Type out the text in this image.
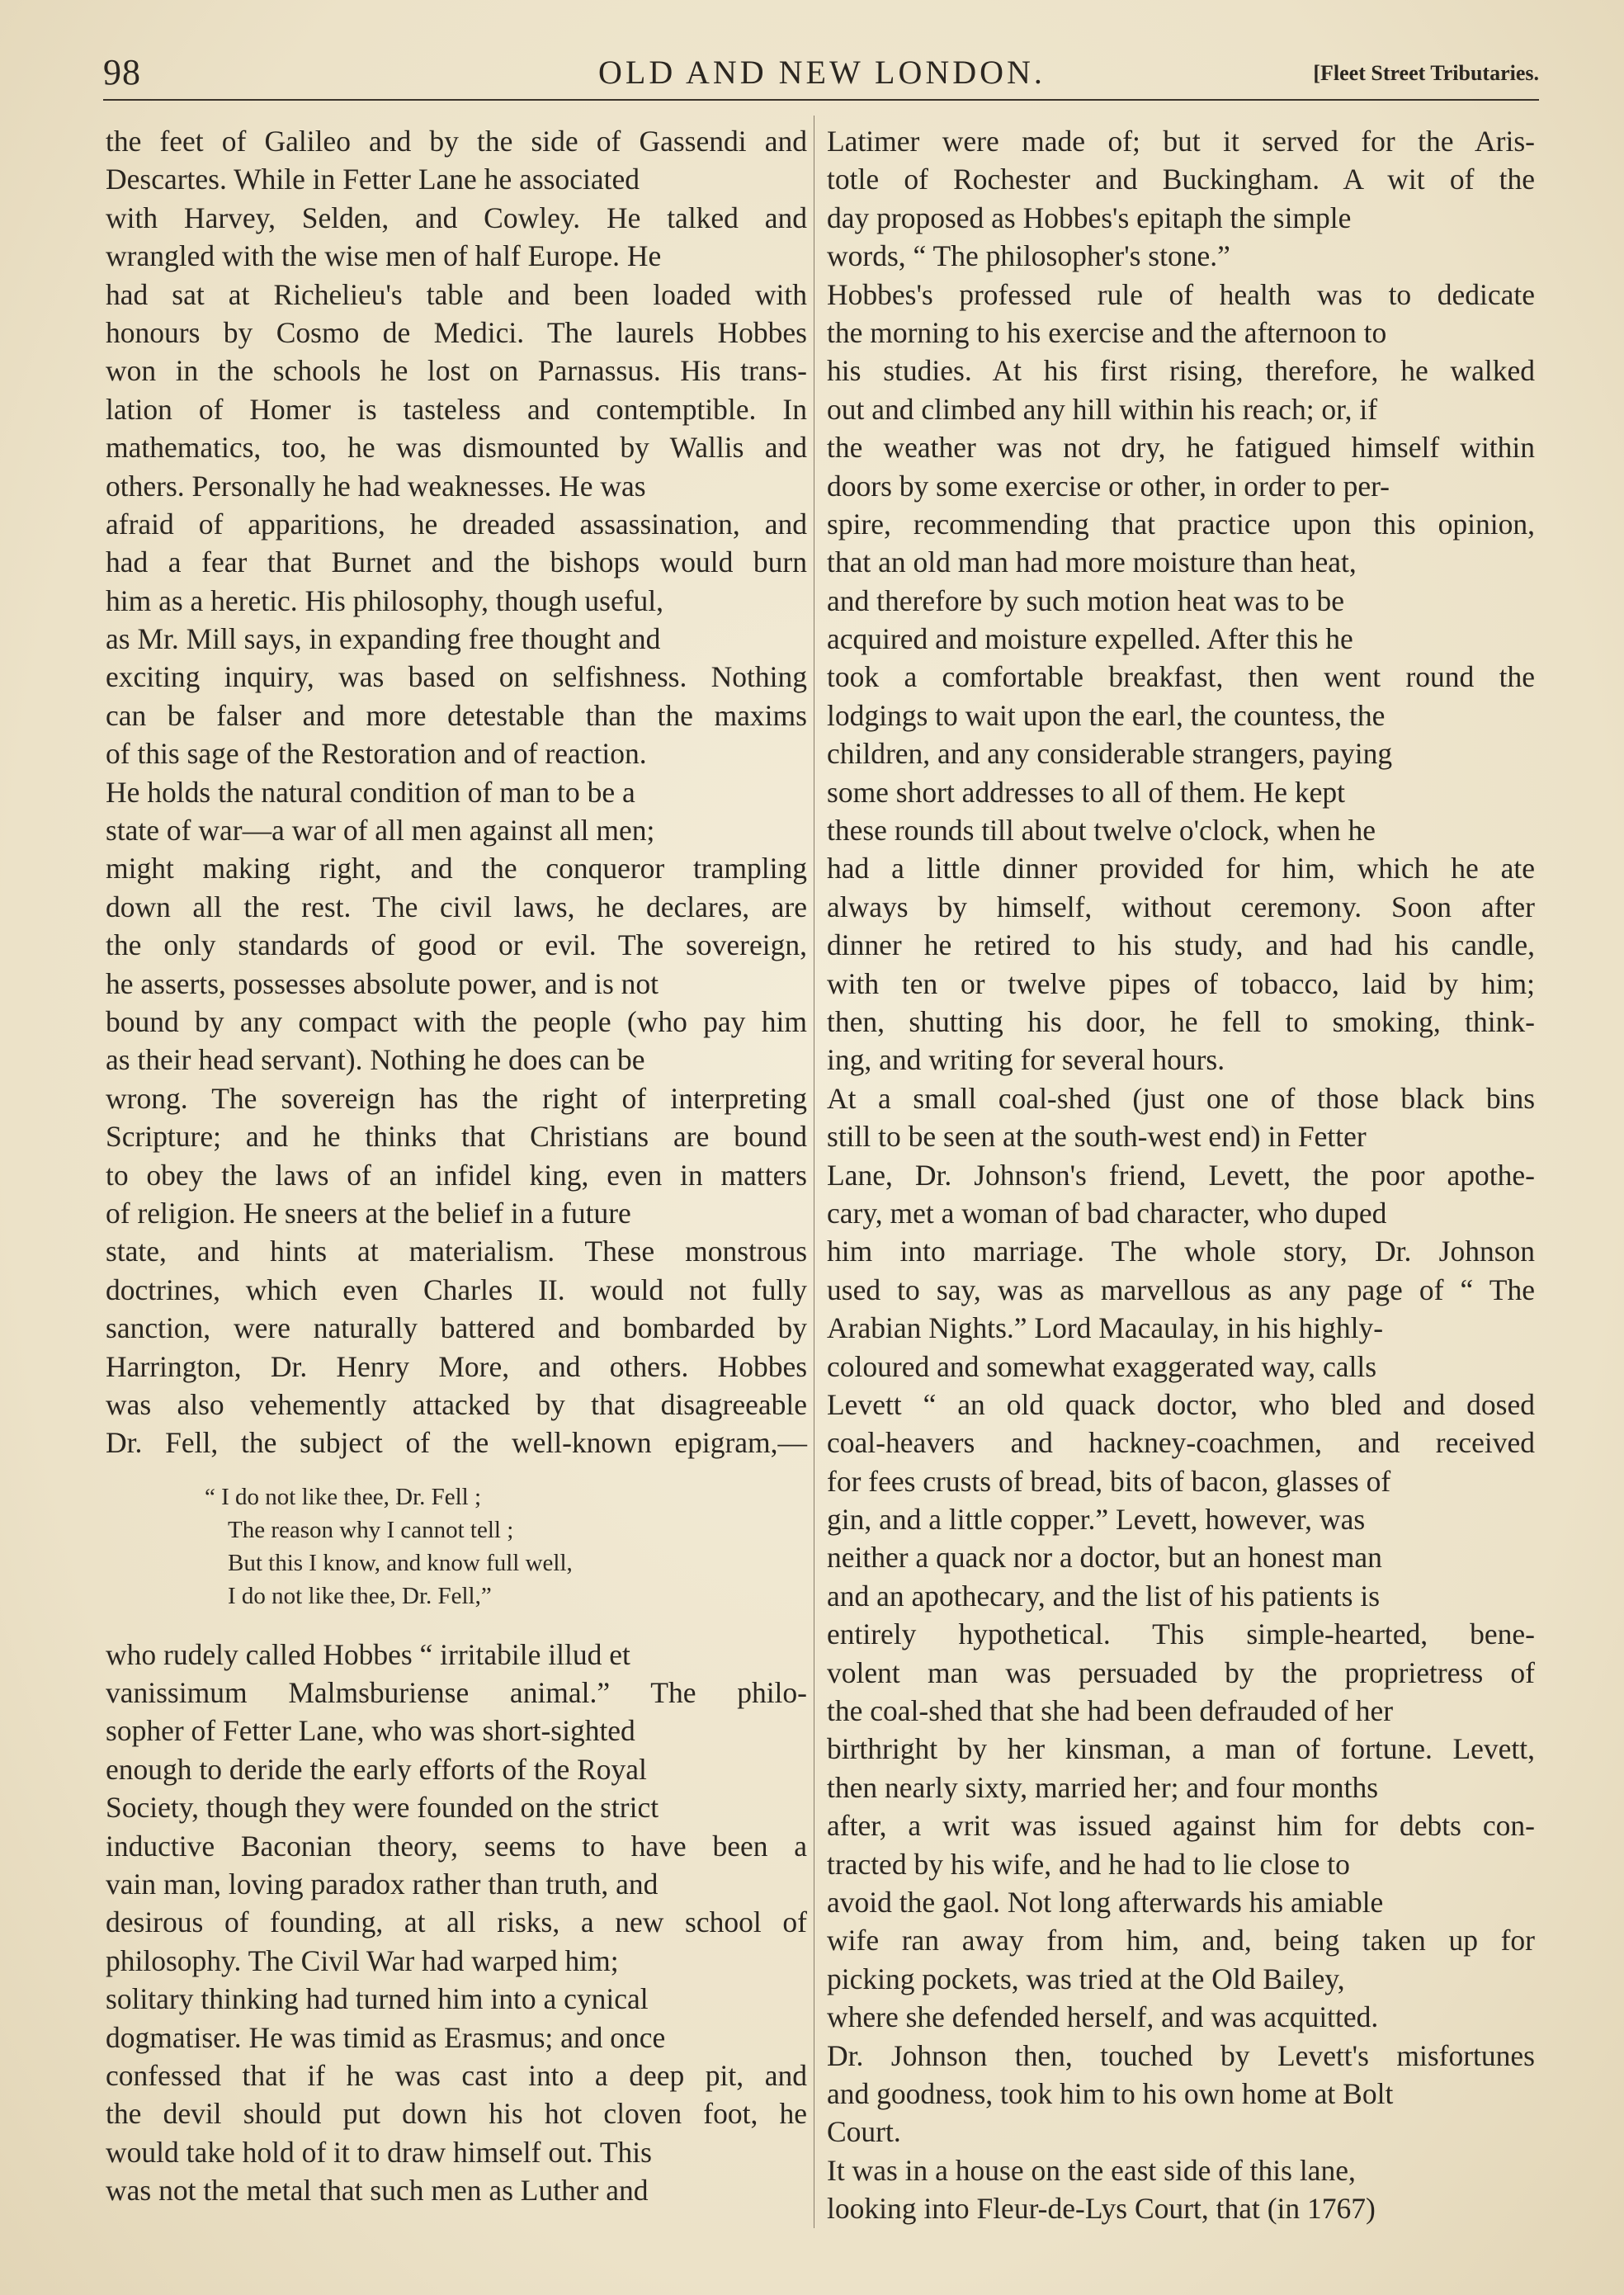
98	OLD AND NEW LONDON.	[Fleet Street Tributaries.
the feet of Galileo and by the side of Gassendi and
Descartes. While in Fetter Lane he associated
with Harvey, Selden, and Cowley. He talked and
wrangled with the wise men of half Europe. He
had sat at Richelieu's table and been loaded with
honours by Cosmo de Medici. The laurels Hobbes
won in the schools he lost on Parnassus. His trans-
lation of Homer is tasteless and contemptible. In
mathematics, too, he was dismounted by Wallis and
others. Personally he had weaknesses. He was
afraid of apparitions, he dreaded assassination, and
had a fear that Burnet and the bishops would burn
him as a heretic. His philosophy, though useful,
as Mr. Mill says, in expanding free thought and
exciting inquiry, was based on selfishness. Nothing
can be falser and more detestable than the maxims
of this sage of the Restoration and of reaction.
He holds the natural condition of man to be a
state of war—a war of all men against all men;
might making right, and the conqueror trampling
down all the rest. The civil laws, he declares, are
the only standards of good or evil. The sovereign,
he asserts, possesses absolute power, and is not
bound by any compact with the people (who pay him
as their head servant). Nothing he does can be
wrong. The sovereign has the right of interpreting
Scripture; and he thinks that Christians are bound
to obey the laws of an infidel king, even in matters
of religion. He sneers at the belief in a future
state, and hints at materialism. These monstrous
doctrines, which even Charles II. would not fully
sanction, were naturally battered and bombarded by
Harrington, Dr. Henry More, and others. Hobbes
was also vehemently attacked by that disagreeable
Dr. Fell, the subject of the well-known epigram,—
“ I do not like thee, Dr. Fell ;
The reason why I cannot tell ;
But this I know, and know full well,
I do not like thee, Dr. Fell,”
who rudely called Hobbes “ irritabile illud et
vanissimum Malmsburiense animal.” The philo-
sopher of Fetter Lane, who was short-sighted
enough to deride the early efforts of the Royal
Society, though they were founded on the strict
inductive Baconian theory, seems to have been a
vain man, loving paradox rather than truth, and
desirous of founding, at all risks, a new school of
philosophy. The Civil War had warped him;
solitary thinking had turned him into a cynical
dogmatiser. He was timid as Erasmus; and once
confessed that if he was cast into a deep pit, and
the devil should put down his hot cloven foot, he
would take hold of it to draw himself out. This
was not the metal that such men as Luther and
Latimer were made of; but it served for the Aris-
totle of Rochester and Buckingham. A wit of the
day proposed as Hobbes's epitaph the simple
words, “ The philosopher's stone.”
Hobbes's professed rule of health was to dedicate
the morning to his exercise and the afternoon to
his studies. At his first rising, therefore, he walked
out and climbed any hill within his reach; or, if
the weather was not dry, he fatigued himself within
doors by some exercise or other, in order to per-
spire, recommending that practice upon this opinion,
that an old man had more moisture than heat,
and therefore by such motion heat was to be
acquired and moisture expelled. After this he
took a comfortable breakfast, then went round the
lodgings to wait upon the earl, the countess, the
children, and any considerable strangers, paying
some short addresses to all of them. He kept
these rounds till about twelve o'clock, when he
had a little dinner provided for him, which he ate
always by himself, without ceremony. Soon after
dinner he retired to his study, and had his candle,
with ten or twelve pipes of tobacco, laid by him;
then, shutting his door, he fell to smoking, think-
ing, and writing for several hours.
At a small coal-shed (just one of those black bins
still to be seen at the south-west end) in Fetter
Lane, Dr. Johnson's friend, Levett, the poor apothe-
cary, met a woman of bad character, who duped
him into marriage. The whole story, Dr. Johnson
used to say, was as marvellous as any page of “ The
Arabian Nights.” Lord Macaulay, in his highly-
coloured and somewhat exaggerated way, calls
Levett “ an old quack doctor, who bled and dosed
coal-heavers and hackney-coachmen, and received
for fees crusts of bread, bits of bacon, glasses of
gin, and a little copper.” Levett, however, was
neither a quack nor a doctor, but an honest man
and an apothecary, and the list of his patients is
entirely hypothetical. This simple-hearted, bene-
volent man was persuaded by the proprietress of
the coal-shed that she had been defrauded of her
birthright by her kinsman, a man of fortune. Levett,
then nearly sixty, married her; and four months
after, a writ was issued against him for debts con-
tracted by his wife, and he had to lie close to
avoid the gaol. Not long afterwards his amiable
wife ran away from him, and, being taken up for
picking pockets, was tried at the Old Bailey,
where she defended herself, and was acquitted.
Dr. Johnson then, touched by Levett's misfortunes
and goodness, took him to his own home at Bolt
Court.
It was in a house on the east side of this lane,
looking into Fleur-de-Lys Court, that (in 1767)
